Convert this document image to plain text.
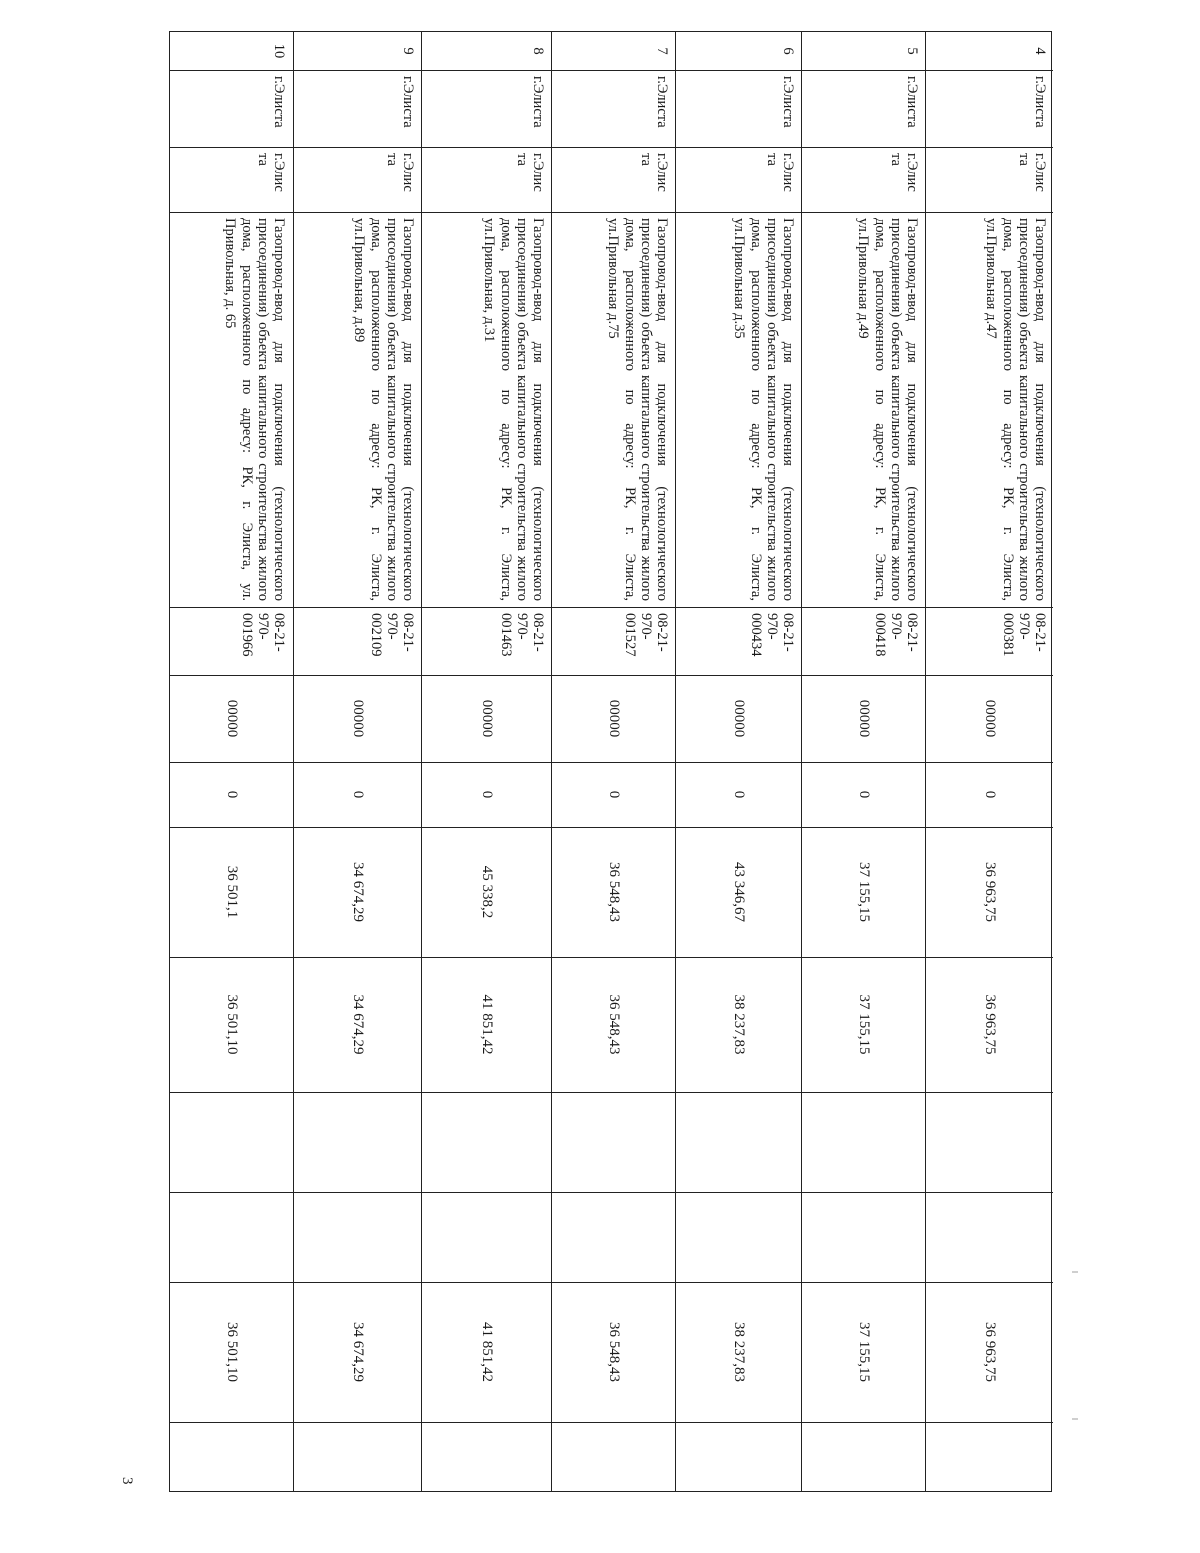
4
г.Элиста
г.Элис
та
Газопровод-ввод для подключения (технологического присоединения) объекта капитального строительства жилого дома, расположенного по адресу: РК, г. Элиста, ул.Привольная д.47
08-21-
970-
000381
00000
0
36 963,75
36 963,75
36 963,75
5
г.Элиста
г.Элис
та
Газопровод-ввод для подключения (технологического присоединения) объекта капитального строительства жилого дома, расположенного по адресу: РК, г. Элиста, ул.Привольная д.49
08-21-
970-
000418
00000
0
37 155,15
37 155,15
37 155,15
6
г.Элиста
г.Элис
та
Газопровод-ввод для подключения (технологического присоединения) объекта капитального строительства жилого дома, расположенного по адресу: РК, г. Элиста, ул.Привольная д.35
08-21-
970-
000434
00000
0
43 346,67
38 237,83
38 237,83
7
г.Элиста
г.Элис
та
Газопровод-ввод для подключения (технологического присоединения) объекта капитального строительства жилого дома, расположенного по адресу: РК, г. Элиста, ул.Привольная д.75
08-21-
970-
001527
00000
0
36 548,43
36 548,43
36 548,43
8
г.Элиста
г.Элис
та
Газопровод-ввод для подключения (технологического присоединения) объекта капитального строительства жилого дома, расположенного по адресу: РК, г. Элиста, ул.Привольная, д.31
08-21-
970-
001463
00000
0
45 338,2
41 851,42
41 851,42
9
г.Элиста
г.Элис
та
Газопровод-ввод для подключения (технологического присоединения) объекта капитального строительства жилого дома, расположенного по адресу: РК, г. Элиста, ул.Привольная, д.89
08-21-
970-
002109
00000
0
34 674,29
34 674,29
34 674,29
10
г.Элиста
г.Элис
та
Газопровод-ввод для подключения (технологического присоединения) объекта капитального строительства жилого дома, расположенного по адресу: РК, г. Элиста, ул. Привольная, д. 65
08-21-
970-
001966
00000
0
36 501,1
36 501,10
36 501,10
3
